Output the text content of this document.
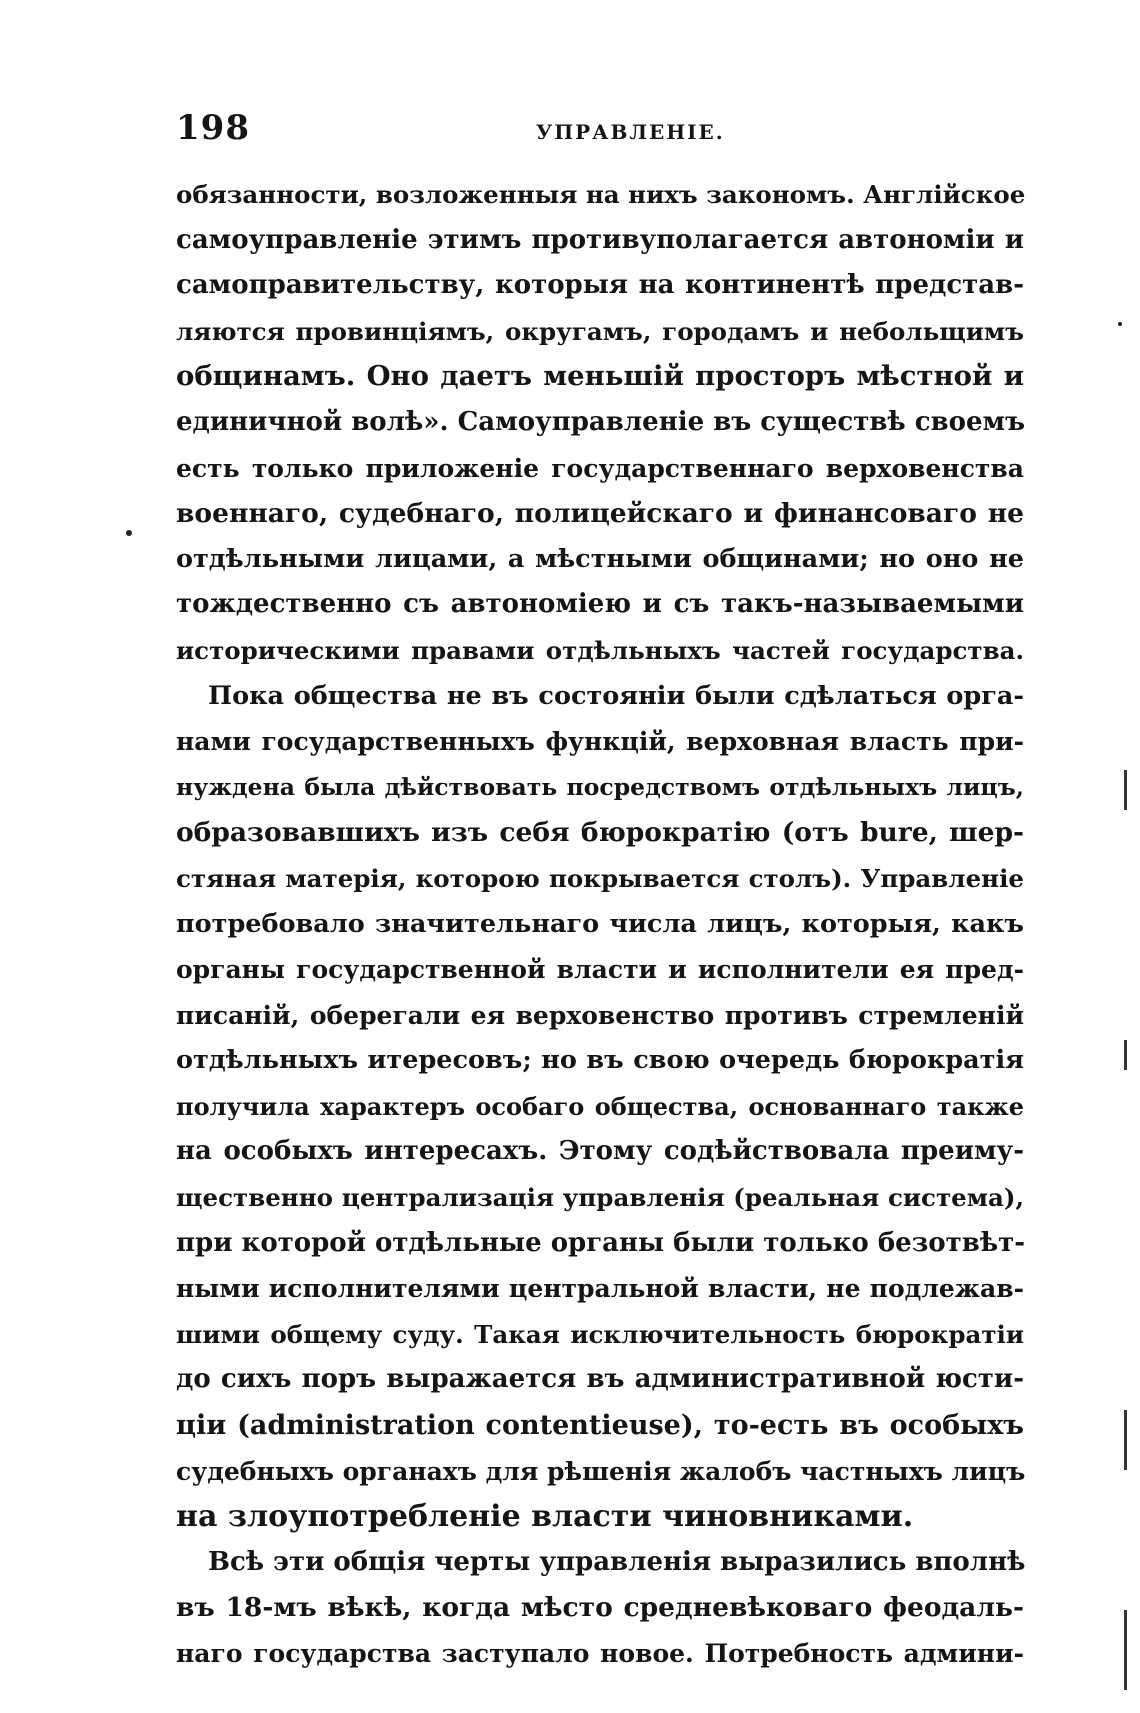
198	УПРАВЛЕНІЕ.
обязанности, возложенныя на нихъ закономъ. Англійское
самоуправленіе этимъ противуполагается автономіи и
самоправительству, которыя на континентѣ представ-
ляются провинціямъ, округамъ, городамъ и небольщимъ
общинамъ. Оно даетъ меньшій просторъ мѣстной и
единичной волѣ». Самоуправленіе въ существѣ своемъ
есть только приложеніе государственнаго верховенства
военнаго, судебнаго, полицейскаго и финансоваго не
отдѣльными лицами, а мѣстными общинами; но оно не
тождественно съ автономіею и съ такъ-называемыми
историческими правами отдѣльныхъ частей государства.
Пока общества не въ состояніи были сдѣлаться орга-
нами государственныхъ функцій, верховная власть при-
нуждена была дѣйствовать посредствомъ отдѣльныхъ лицъ,
образовавшихъ изъ себя бюрократію (отъ bure, шер-
стяная матерія, которою покрывается столъ). Управленіе
потребовало значительнаго числа лицъ, которыя, какъ
органы государственной власти и исполнители ея пред-
писаній, оберегали ея верховенство противъ стремленій
отдѣльныхъ итересовъ; но въ свою очередь бюрократія
получила характеръ особаго общества, основаннаго также
на особыхъ интересахъ. Этому содѣйствовала преиму-
щественно централизація управленія (реальная система),
при которой отдѣльные органы были только безотвѣт-
ными исполнителями центральной власти, не подлежав-
шими общему суду. Такая исключительность бюрократіи
до сихъ поръ выражается въ административной юсти-
ціи (administration contentieuse), то-есть въ особыхъ
судебныхъ органахъ для рѣшенія жалобъ частныхъ лицъ
на злоупотребленіе власти чиновниками.
Всѣ эти общія черты управленія выразились вполнѣ
въ 18-мъ вѣкѣ, когда мѣсто средневѣковаго феодаль-
наго государства заступало новое. Потребность админи-
